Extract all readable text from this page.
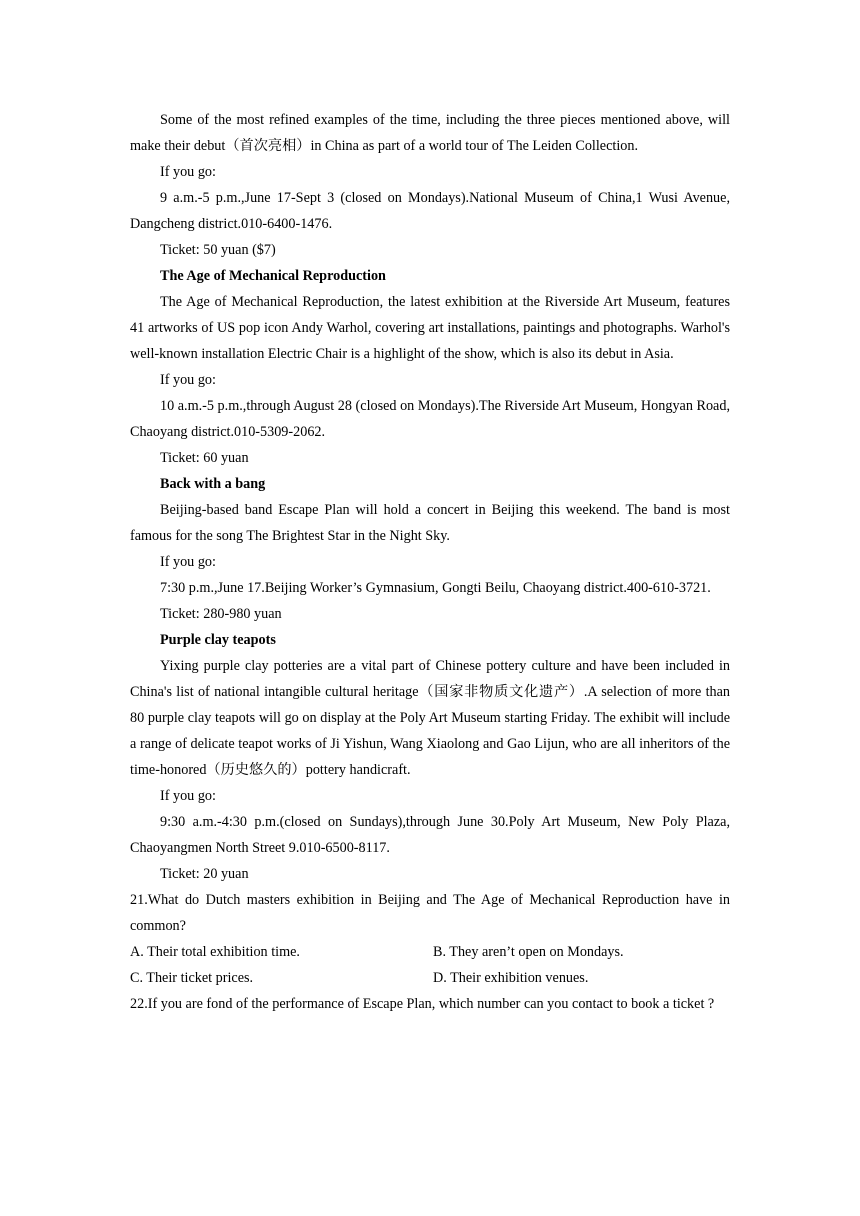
Some of the most refined examples of the time, including the three pieces mentioned above, will make their debut（首次亮相）in China as part of a world tour of The Leiden Collection.

If you go:

9 a.m.-5 p.m.,June 17-Sept 3 (closed on Mondays).National Museum of China,1 Wusi Avenue, Dangcheng district.010-6400-1476.

Ticket: 50 yuan ($7)

The Age of Mechanical Reproduction

The Age of Mechanical Reproduction, the latest exhibition at the Riverside Art Museum, features 41 artworks of US pop icon Andy Warhol, covering art installations, paintings and photographs. Warhol's well-known installation Electric Chair is a highlight of the show, which is also its debut in Asia.

If you go:

10 a.m.-5 p.m.,through August 28 (closed on Mondays).The Riverside Art Museum, Hongyan Road, Chaoyang district.010-5309-2062.

Ticket: 60 yuan

Back with a bang

Beijing-based band Escape Plan will hold a concert in Beijing this weekend. The band is most famous for the song The Brightest Star in the Night Sky.

If you go:

7:30 p.m.,June 17.Beijing Worker’s Gymnasium, Gongti Beilu, Chaoyang district.400-610-3721.

Ticket: 280-980 yuan

Purple clay teapots

Yixing purple clay potteries are a vital part of Chinese pottery culture and have been included in China's list of national intangible cultural heritage（国家非物质文化遗产）.A selection of more than 80 purple clay teapots will go on display at the Poly Art Museum starting Friday. The exhibit will include a range of delicate teapot works of Ji Yishun, Wang Xiaolong and Gao Lijun, who are all inheritors of the time-honored（历史悠久的）pottery handicraft.

If you go:

9:30 a.m.-4:30 p.m.(closed on Sundays),through June 30.Poly Art Museum, New Poly Plaza, Chaoyangmen North Street 9.010-6500-8117.

Ticket: 20 yuan

21.What do Dutch masters exhibition in Beijing and The Age of Mechanical Reproduction have in common?

A. Their total exhibition time.	B. They aren’t open on Mondays.
C. Their ticket prices.	D. Their exhibition venues.

22.If you are fond of the performance of Escape Plan, which number can you contact to book a ticket ?
